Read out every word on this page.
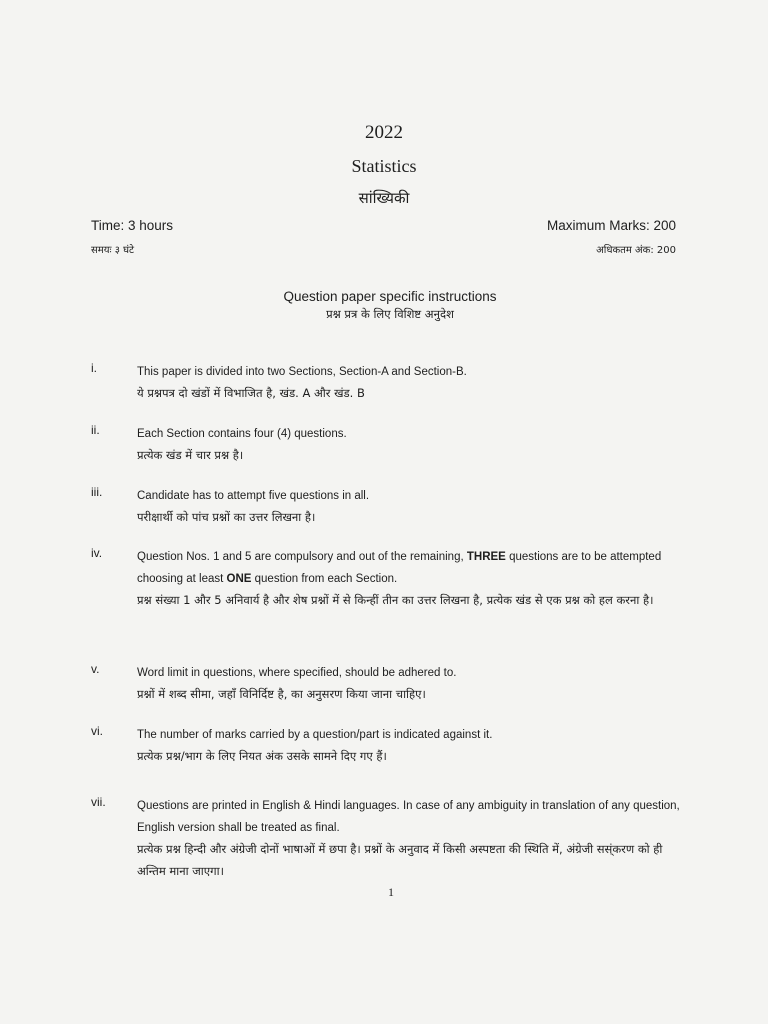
2022
Statistics
सांख्यिकी
Time: 3 hours
समयः ३ घंटे
Maximum Marks: 200
अधिकतम अंक: 200
Question paper specific instructions
प्रश्न प्रत्र के लिए विशिष्ट अनुदेश
i.	This paper is divided into two Sections, Section-A and Section-B.
ये प्रश्नपत्र दो खंडों में विभाजित है, खंड. A और खंड. B
ii.	Each Section contains four (4) questions.
प्रत्येक खंड में चार प्रश्न है।
iii.	Candidate has to attempt five questions in all.
परीक्षार्थी को पांच प्रश्नों का उत्तर लिखना है।
iv.	Question Nos. 1 and 5 are compulsory and out of the remaining, THREE questions are to be attempted choosing at least ONE question from each Section.
प्रश्न संख्या 1 और 5 अनिवार्य है और शेष प्रश्नों में से किन्हीं तीन का उत्तर लिखना है, प्रत्येक खंड से एक प्रश्न को हल करना है।
v.	Word limit in questions, where specified, should be adhered to.
प्रश्नों में शब्द सीमा, जहाँ विनिर्दिष्ट है, का अनुसरण किया जाना चाहिए।
vi.	The number of marks carried by a question/part is indicated against it.
प्रत्येक प्रश्न/भाग के लिए नियत अंक उसके सामने दिए गए हैं।
vii.	Questions are printed in English & Hindi languages. In case of any ambiguity in translation of any question, English version shall be treated as final.
प्रत्येक प्रश्न हिन्दी और अंग्रेजी दोनों भाषाओं में छपा है। प्रश्नों के अनुवाद में किसी अस्पष्टता की स्थिति में, अंग्रेजी सस्ंकरण को ही अन्तिम माना जाएगा।
1
